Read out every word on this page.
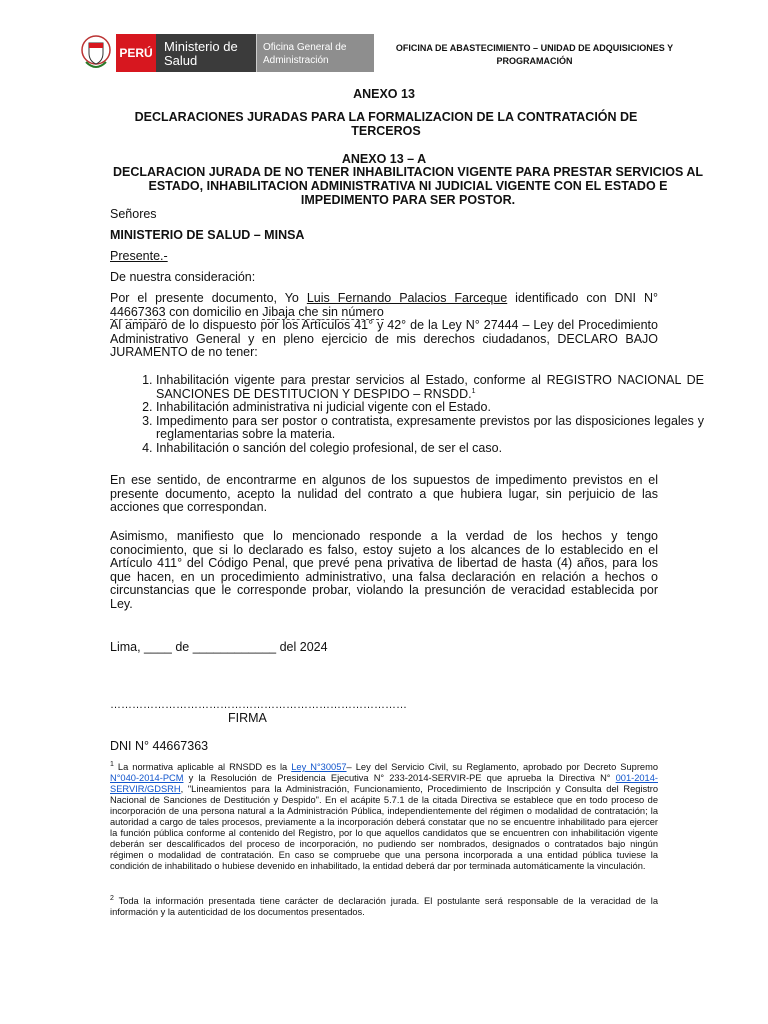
PERÚ Ministerio de Salud
Oficina General de Administración
OFICINA DE ABASTECIMIENTO – UNIDAD DE ADQUISICIONES Y PROGRAMACIÓN
ANEXO 13
DECLARACIONES JURADAS PARA LA FORMALIZACION DE LA CONTRATACIÓN DE TERCEROS
ANEXO 13 – A
DECLARACION JURADA DE NO TENER INHABILITACION VIGENTE PARA PRESTAR SERVICIOS AL ESTADO, INHABILITACION ADMINISTRATIVA NI JUDICIAL VIGENTE CON EL ESTADO E IMPEDIMENTO PARA SER POSTOR.
Señores
MINISTERIO DE SALUD – MINSA
Presente.-
De nuestra consideración:
Por el presente documento, Yo Luis Fernando Palacios Farceque identificado con DNI N° 44667363 con domicilio en Jibaja che sin número
Al amparo de lo dispuesto por los Artículos 41° y 42° de la Ley N° 27444 – Ley del Procedimiento Administrativo General y en pleno ejercicio de mis derechos ciudadanos, DECLARO BAJO JURAMENTO de no tener:
1. Inhabilitación vigente para prestar servicios al Estado, conforme al REGISTRO NACIONAL DE SANCIONES DE DESTITUCION Y DESPIDO – RNSDD.$^1$
2. Inhabilitación administrativa ni judicial vigente con el Estado.
3. Impedimento para ser postor o contratista, expresamente previstos por las disposiciones legales y reglamentarias sobre la materia.
4. Inhabilitación o sanción del colegio profesional, de ser el caso.
En ese sentido, de encontrarme en algunos de los supuestos de impedimento previstos en el presente documento, acepto la nulidad del contrato a que hubiera lugar, sin perjuicio de las acciones que correspondan.
Asimismo, manifiesto que lo mencionado responde a la verdad de los hechos y tengo conocimiento, que si lo declarado es falso, estoy sujeto a los alcances de lo establecido en el Artículo 411° del Código Penal, que prevé pena privativa de libertad de hasta (4) años, para los que hacen, en un procedimiento administrativo, una falsa declaración en relación a hechos o circunstancias que le corresponde probar, violando la presunción de veracidad establecida por Ley.
Lima, ____ de ____________ del 2024
………………………………………………………………………
FIRMA
DNI N° 44667363
$^1$ La normativa aplicable al RNSDD es la Ley N°30057– Ley del Servicio Civil, su Reglamento, aprobado por Decreto Supremo N°040-2014-PCM y la Resolución de Presidencia Ejecutiva N° 233-2014-SERVIR-PE que aprueba la Directiva N° 001-2014-SERVIR/GDSRH, "Lineamientos para la Administración, Funcionamiento, Procedimiento de Inscripción y Consulta del Registro Nacional de Sanciones de Destitución y Despido". En el acápite 5.7.1 de la citada Directiva se establece que en todo proceso de incorporación de una persona natural a la Administración Pública, independientemente del régimen o modalidad de contratación; la autoridad a cargo de tales procesos, previamente a la incorporación deberá constatar que no se encuentre inhabilitado para ejercer la función pública conforme al contenido del Registro, por lo que aquellos candidatos que se encuentren con inhabilitación vigente deberán ser descalificados del proceso de incorporación, no pudiendo ser nombrados, designados o contratados bajo ningún régimen o modalidad de contratación. En caso se compruebe que una persona incorporada a una entidad pública tuviese la condición de inhabilitado o hubiese devenido en inhabilitado, la entidad deberá dar por terminada automáticamente la vinculación.
$^2$ Toda la información presentada tiene carácter de declaración jurada. El postulante será responsable de la veracidad de la información y la autenticidad de los documentos presentados.
